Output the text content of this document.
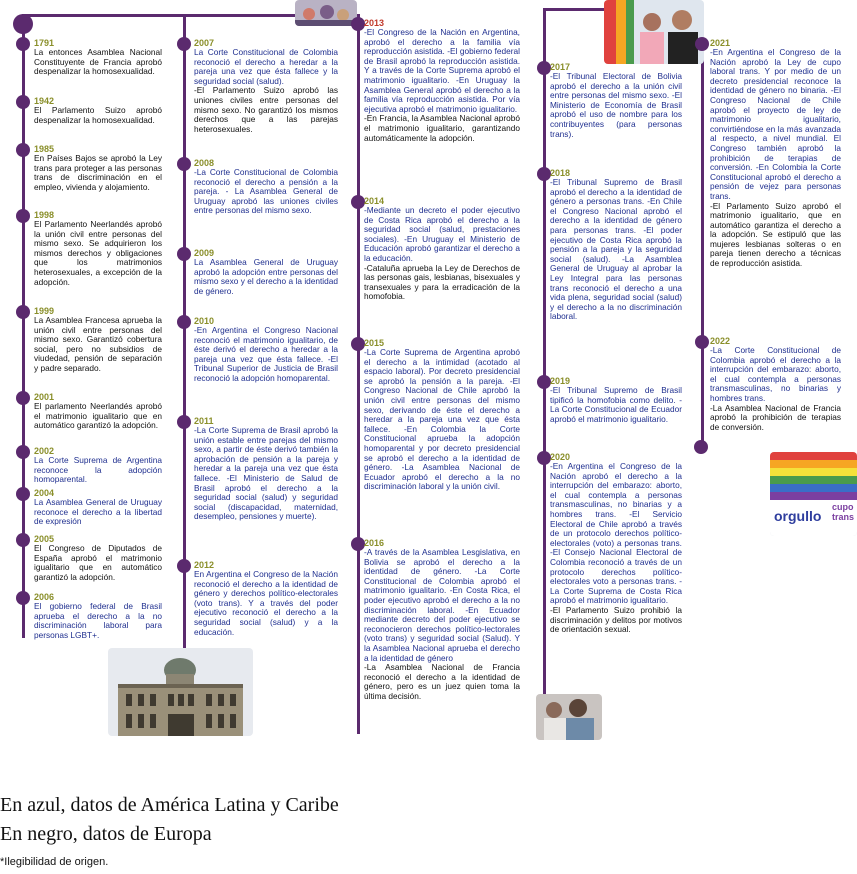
orgullo
cupo trans
1791

La entonces Asamblea Nacional Constituyente de Francia aprobó despenalizar la homosexualidad.

1942

El Parlamento Suizo aprobó despenalizar la homosexualidad.

1985

En Países Bajos se aprobó la Ley trans para proteger a las personas trans de discriminación en el empleo, vivienda y alojamiento.

1998

El Parlamento Neerlandés aprobó la unión civil entre personas del mismo sexo. Se adquirieron los mismos derechos y obligaciones que los matrimonios heterosexuales, a excepción de la adopción.

1999

La Asamblea Francesa aprueba la unión civil entre personas del mismo sexo. Garantizó cobertura social, pero no subsidios de viudedad, pensión de separación y padre separado.

2001

El parlamento Neerlandés aprobó el matrimonio igualitario que en automático garantizó la adopción.

2002

La Corte Suprema de Argentina reconoce la adopción homoparental.

2004

La Asamblea General de Uruguay reconoce el derecho a la libertad de expresión

2005

El Congreso de Diputados de España aprobó el matrimonio igualitario que en automático garantizó la adopción.

2006

El gobierno federal de Brasil aprueba el derecho a la no discriminación laboral para personas LGBT+.

2007

La Corte Constitucional de Colombia reconoció el derecho a heredar a la pareja una vez que ésta fallece y la seguridad social (salud).

-El Parlamento Suizo aprobó las uniones civiles entre personas del mismo sexo. No garantizó los mismos derechos que a las parejas heterosexuales.

2008

-La Corte Constitucional de Colombia reconoció el derecho a pensión a la pareja. - La Asamblea General de Uruguay aprobó las uniones civiles entre personas del mismo sexo.

2009

La Asamblea General de Uruguay aprobó la adopción entre personas del mismo sexo y el derecho a la identidad de género.

2010

-En Argentina el Congreso Nacional reconoció el matrimonio igualitario, de éste derivó el derecho a heredar a la pareja una vez que ésta fallece. -El Tribunal Superior de Justicia de Brasil reconoció la adopción homoparental.

2011

-La Corte Suprema de Brasil aprobó la unión estable entre parejas del mismo sexo, a partir de éste derivó también la aprobación de pensión a la pareja y heredar a la pareja una vez que ésta fallece. -El Ministerio de Salud de Brasil aprobó el derecho a la seguridad social (salud) y seguridad social (discapacidad, maternidad, desempleo, pensiones y muerte).

2012

En Argentina el Congreso de la Nación reconoció el derecho a la identidad de género y derechos político-electorales (voto trans). Y a través del poder ejecutivo reconoció el derecho a la seguridad social (salud) y a la educación.

2013

-El Congreso de la Nación en Argentina, aprobó el derecho a la familia vía reproducción asistida. -El gobierno federal de Brasil aprobó la reproducción asistida. Y a través de la Corte Suprema aprobó el matrimonio igualitario. -En Uruguay la Asamblea General aprobó el derecho a la familia vía reproducción asistida. Por vía ejecutiva aprobó el matrimonio igualitario.

-En Francia, la Asamblea Nacional aprobó el matrimonio igualitario, garantizando automáticamente la adopción.

2014

-Mediante un decreto el poder ejecutivo de Costa Rica aprobó el derecho a la seguridad social (salud, prestaciones sociales). -En Uruguay el Ministerio de Educación aprobó garantizar el derecho a la educación.

-Cataluña aprueba la Ley de Derechos de las personas gais, lesbianas, bisexuales y transexuales y para la erradicación de la homofobia.

2015

-La Corte Suprema de Argentina aprobó el derecho a la intimidad (acotado al espacio laboral). Por decreto presidencial se aprobó la pensión a la pareja. -El Congreso Nacional de Chile aprobó la unión civil entre personas del mismo sexo, derivando de éste el derecho a heredar a la pareja una vez que ésta fallece. -En Colombia la Corte Constitucional aprueba la adopción homoparental y por decreto presidencial se aprobó el derecho a la identidad de género. -La Asamblea Nacional de Ecuador aprobó el derecho a la no discriminación laboral y la unión civil.

2016

-A través de la Asamblea Lesgislativa, en Bolivia se aprobó el derecho a la identidad de género. -La Corte Constitucional de Colombia aprobó el matrimonio igualitario. -En Costa Rica, el poder ejecutivo aprobó el derecho a la no discriminación laboral. -En Ecuador mediante decreto del poder ejecutivo se reconocieron derechos político-lectorales (voto trans) y seguridad social (Salud). Y la Asamblea Nacional aprueba el derecho a la identidad de género

-La Asamblea Nacional de Francia reconoció el derecho a la identidad de género, pero es un juez quien toma la última decisión.

2017

-El Tribunal Electoral de Bolivia aprobó el derecho a la unión civil entre personas del mismo sexo. -El Ministerio de Economía de Brasil aprobó el uso de nombre para los contribuyentes (para personas trans).

2018

-El Tribunal Supremo de Brasil aprobó el derecho a la identidad de género a personas trans. -En Chile el Congreso Nacional aprobó el derecho a la identidad de género para personas trans. -El poder ejecutivo de Costa Rica aprobó la pensión a la pareja y la seguridad social (salud). -La Asamblea General de Uruguay al aprobar la Ley Integral para las personas trans reconoció el derecho a una vida plena, seguridad social (salud) y el derecho a la no discriminación laboral.

2019

-El Tribunal Supremo de Brasil tipificó la homofobia como delito. -La Corte Constitucional de Ecuador aprobó el matrimonio igualitario.

2020

-En Argentina el Congreso de la Nación aprobó el derecho a la interrupción del embarazo: aborto, el cual contempla a personas transmasculinas, no binarias y a hombres trans. -El Servicio Electoral de Chile aprobó a través de un protocolo derechos político-electorales (voto) a personas trans. -El Consejo Nacional Electoral de Colombia reconoció a través de un protocolo derechos político-electorales voto a personas trans. -La Corte Suprema de Costa Rica aprobó el matrimonio igualitario.

-El Parlamento Suizo prohibió la discriminación y delitos por motivos de orientación sexual.

2021

-En Argentina el Congreso de la Nación aprobó la Ley de cupo laboral trans. Y por medio de un decreto presidencial reconoce la identidad de género no binaria. -El Congreso Nacional de Chile aprobó el proyecto de ley de matrimonio igualitario, convirtiéndose en la más avanzada al respecto, a nivel mundial. El Congreso también aprobó la prohibición de terapias de conversión. -En Colombia la Corte Constitucional aprobó el derecho a pensión de vejez para personas trans.

-El Parlamento Suizo aprobó el matrimonio igualitario, que en automático garantiza el derecho a la adopción. Se estipuló que las mujeres lesbianas solteras o en pareja tienen derecho a técnicas de reproducción asistida.

2022

-La Corte Constitucional de Colombia aprobó el derecho a la interrupción del embarazo: aborto, el cual contempla a personas transmasculinas, no binarias y hombres trans.

-La Asamblea Nacional de Francia aprobó la prohibición de terapias de conversión.

En azul, datos de América Latina y Caribe
En negro, datos de Europa
*Ilegibilidad de origen.
